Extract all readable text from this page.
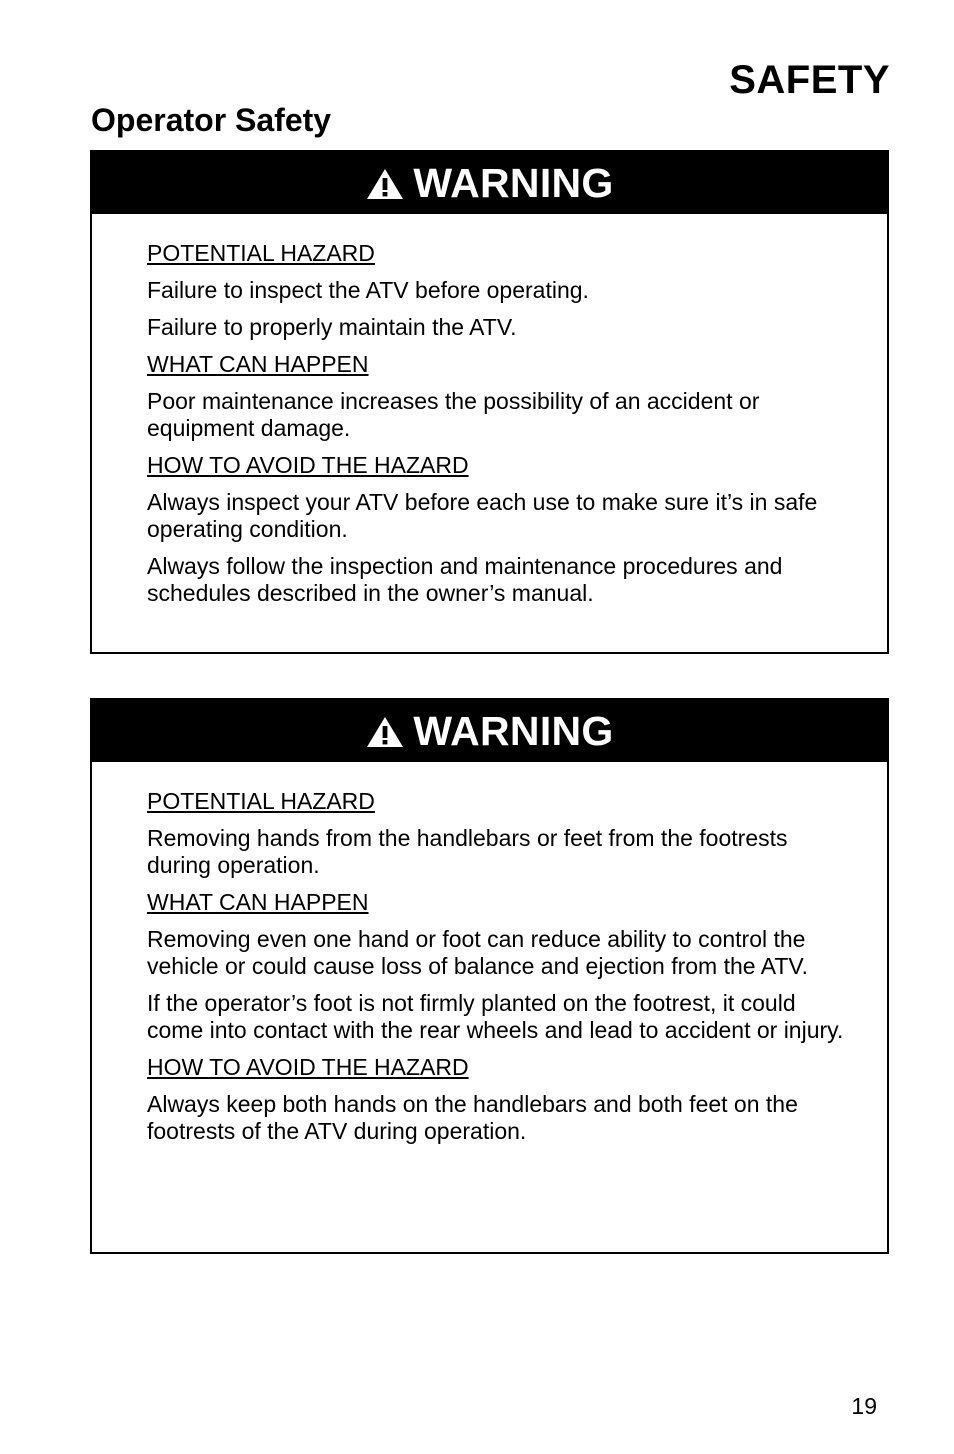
SAFETY
Operator Safety
WARNING

POTENTIAL HAZARD

Failure to inspect the ATV before operating.

Failure to properly maintain the ATV.

WHAT CAN HAPPEN

Poor maintenance increases the possibility of an accident or equipment damage.

HOW TO AVOID THE HAZARD

Always inspect your ATV before each use to make sure it’s in safe operating condition.

Always follow the inspection and maintenance procedures and schedules described in the owner’s manual.

WARNING

POTENTIAL HAZARD

Removing hands from the handlebars or feet from the footrests during operation.

WHAT CAN HAPPEN

Removing even one hand or foot can reduce ability to control the vehicle or could cause loss of balance and ejection from the ATV.

If the operator’s foot is not firmly planted on the footrest, it could come into contact with the rear wheels and lead to accident or injury.

HOW TO AVOID THE HAZARD

Always keep both hands on the handlebars and both feet on the footrests of the ATV during operation.

19
